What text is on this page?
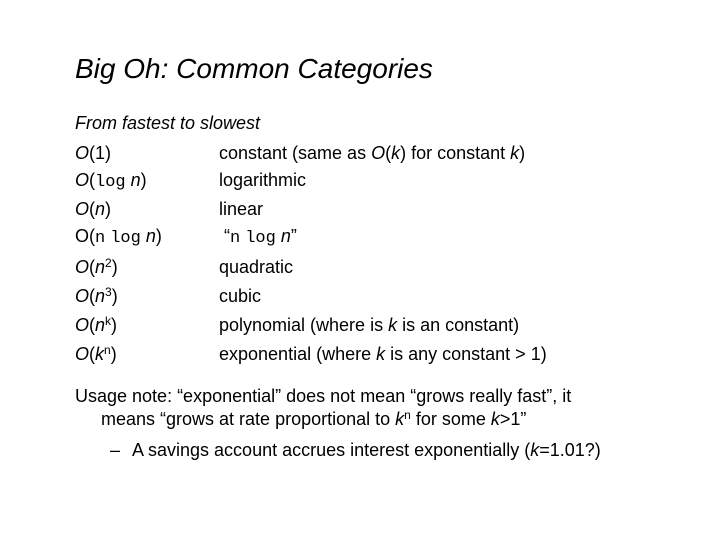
Big Oh: Common Categories
From fastest to slowest
O(1)	constant (same as O(k) for constant k)
O(log n)	logarithmic
O(n)	linear
O(n log n)	“n log n”
$O(n^2)$	quadratic
$O(n^3)$	cubic
$O(n^k)$	polynomial (where is k is an constant)
$O(k^n)$	exponential (where k is any constant > 1)
Usage note: “exponential” does not mean “grows really fast”, it
means “grows at rate proportional to $k^n$ for some k>1”
– A savings account accrues interest exponentially (k=1.01?)
